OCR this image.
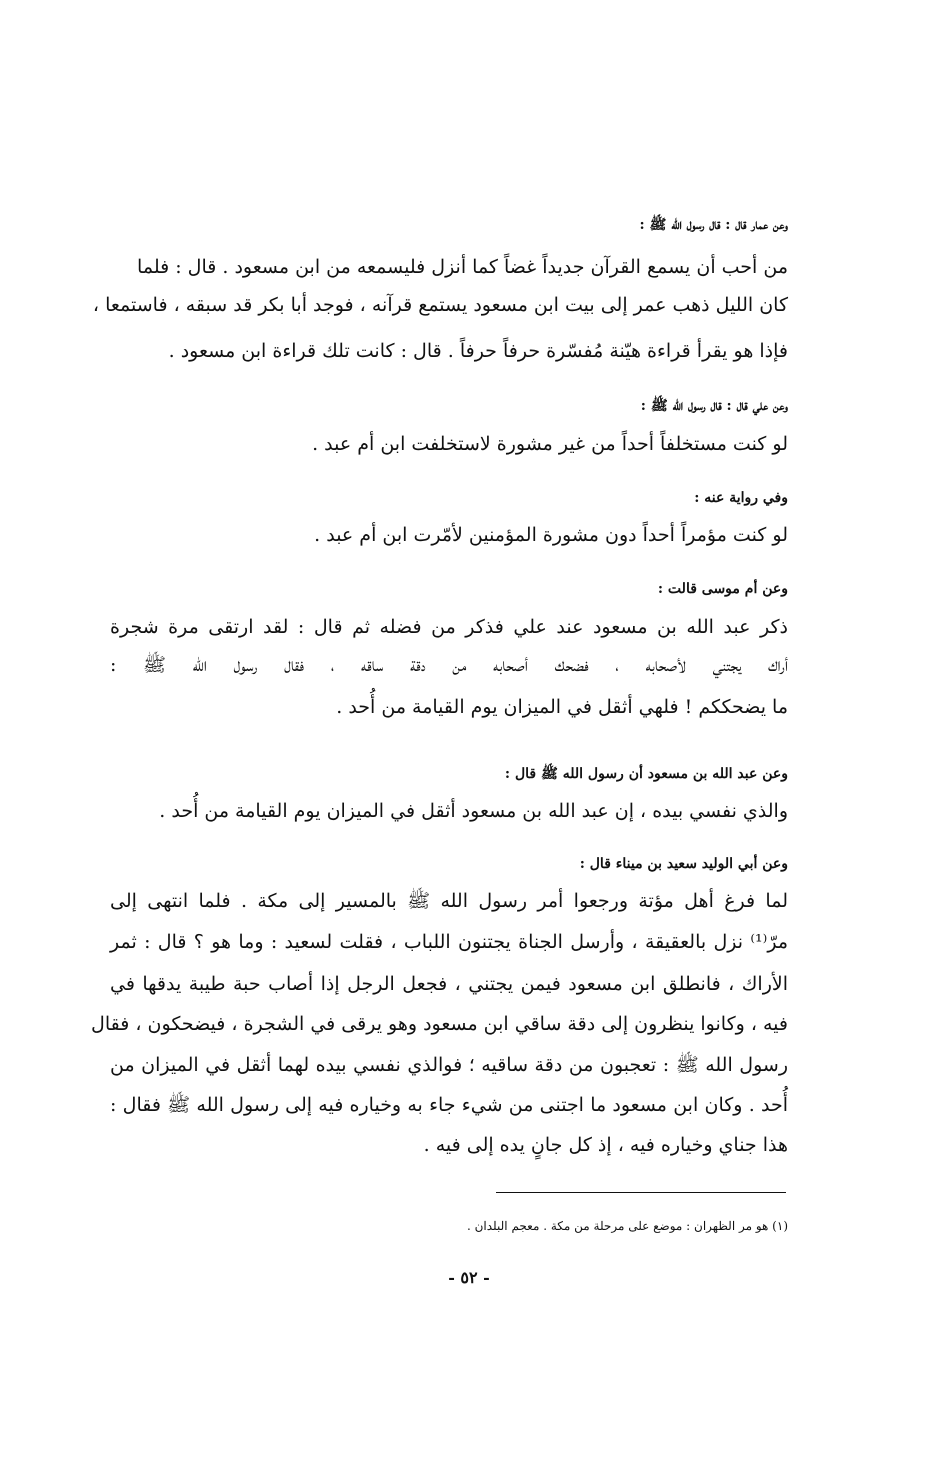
وعن عمار قال : قال رسول الله ﷺ :
من أحب أن يسمع القرآن جديداً غضاً كما أنزل فليسمعه من ابن مسعود . قال : فلما
كان الليل ذهب عمر إلى بيت ابن مسعود يستمع قرآنه ، فوجد أبا بكر قد سبقه ، فاستمعا ،
فإذا هو يقرأ قراءة هيّنة مُفسّرة حرفاً حرفاً . قال : كانت تلك قراءة ابن مسعود .
وعن علي قال : قال رسول الله ﷺ :
لو كنت مستخلفاً أحداً من غير مشورة لاستخلفت ابن أم عبد .
وفي رواية عنه :
لو كنت مؤمراً أحداً دون مشورة المؤمنين لأمّرت ابن أم عبد .
وعن أم موسى قالت :
ذكر عبد الله بن مسعود عند علي فذكر من فضله ثم قال : لقد ارتقى مرة شجرة
أراك يجتني لأصحابه ، فضحك أصحابه من دقة ساقه ، فقال رسول الله ﷺ :
ما يضحككم ! فلهي أثقل في الميزان يوم القيامة من أُحد .
وعن عبد الله بن مسعود أن رسول الله ﷺ قال :
والذي نفسي بيده ، إن عبد الله بن مسعود أثقل في الميزان يوم القيامة من أُحد .
وعن أبي الوليد سعيد بن ميناء قال :
لما فرغ أهل مؤتة ورجعوا أمر رسول الله ﷺ بالمسير إلى مكة . فلما انتهى إلى
مرّ⁽¹⁾ نزل بالعقيقة ، وأرسل الجناة يجتنون اللباب ، فقلت لسعيد : وما هو ؟ قال : ثمر
الأراك ، فانطلق ابن مسعود فيمن يجتني ، فجعل الرجل إذا أصاب حبة طيبة يدقها في
فيه ، وكانوا ينظرون إلى دقة ساقي ابن مسعود وهو يرقى في الشجرة ، فيضحكون ، فقال
رسول الله ﷺ : تعجبون من دقة ساقيه ؛ فوالذي نفسي بيده لهما أثقل في الميزان من
أُحد . وكان ابن مسعود ما اجتنى من شيء جاء به وخياره فيه إلى رسول الله ﷺ فقال :
هذا جناي وخياره فيه ، إذ كل جانٍ يده إلى فيه .
(١) هو مر الظهران : موضع على مرحلة من مكة . معجم البلدان .
- ٥٢ -
